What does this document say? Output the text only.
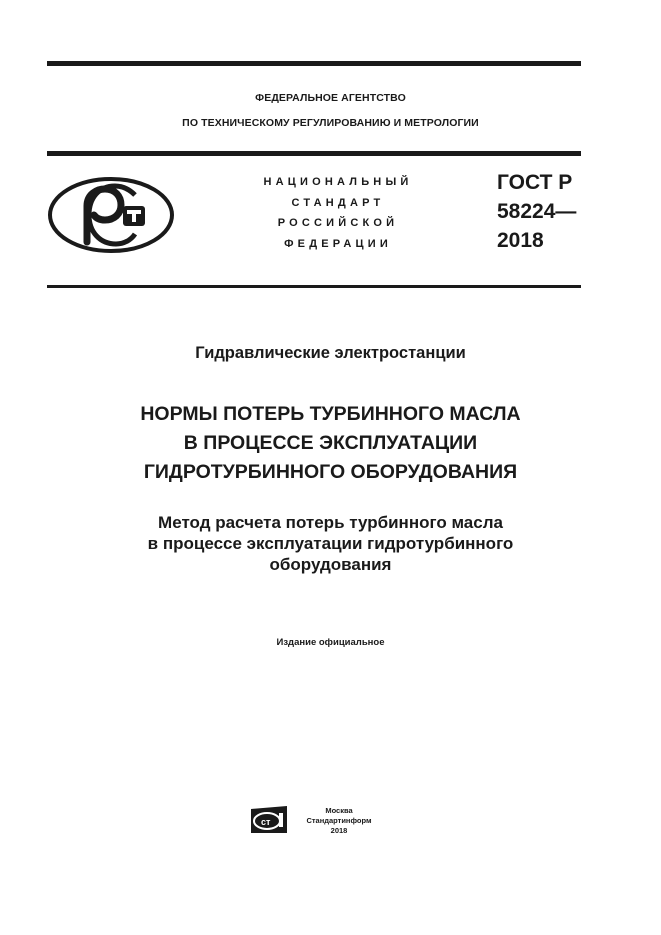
ФЕДЕРАЛЬНОЕ АГЕНТСТВО
ПО ТЕХНИЧЕСКОМУ РЕГУЛИРОВАНИЮ И МЕТРОЛОГИИ
НАЦИОНАЛЬНЫЙ
СТАНДАРТ
РОССИЙСКОЙ
ФЕДЕРАЦИИ
ГОСТ Р
58224—
2018
Гидравлические электростанции
НОРМЫ ПОТЕРЬ ТУРБИННОГО МАСЛА
В ПРОЦЕССЕ ЭКСПЛУАТАЦИИ
ГИДРОТУРБИННОГО ОБОРУДОВАНИЯ
Метод расчета потерь турбинного масла
в процессе эксплуатации гидротурбинного
оборудования
Издание официальное
ст
Москва
Стандартинформ
2018
